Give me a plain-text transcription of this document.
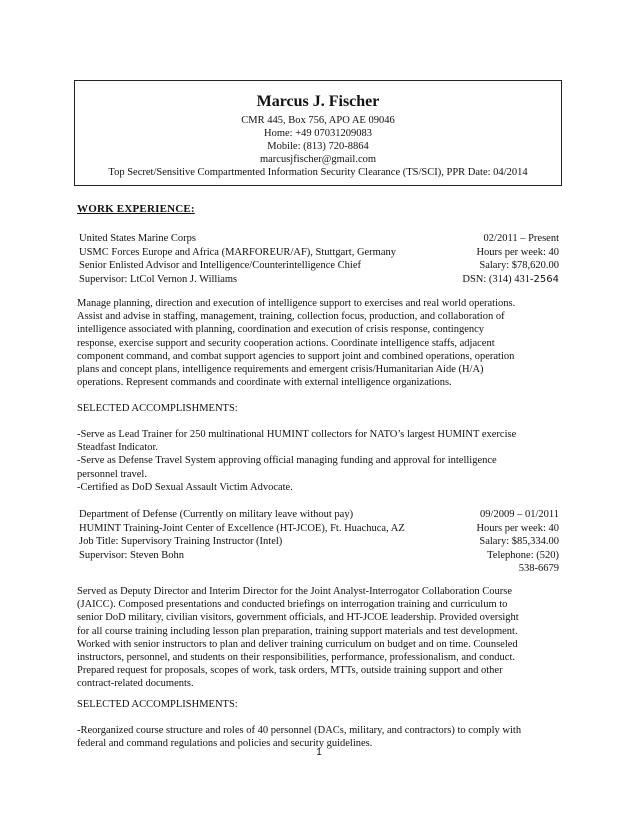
Marcus J. Fischer
CMR 445, Box 756, APO AE 09046
Home: +49 07031209083
Mobile: (813) 720-8864
marcusjfischer@gmail.com
Top Secret/Sensitive Compartmented Information Security Clearance (TS/SCI), PPR Date: 04/2014
WORK EXPERIENCE:
United States Marine Corps
USMC Forces Europe and Africa (MARFOREUR/AF), Stuttgart, Germany
Senior Enlisted Advisor and Intelligence/Counterintelligence Chief
Supervisor: LtCol Vernon J. Williams
02/2011 – Present
Hours per week: 40
Salary: $78,620.00
DSN: (314) 431-2564

Manage planning, direction and execution of intelligence support to exercises and real world operations.

Assist and advise in staffing, management, training, collection focus, production, and collaboration of

intelligence associated with planning, coordination and execution of crisis response, contingency

response, exercise support and security cooperation actions. Coordinate intelligence staffs, adjacent

component command, and combat support agencies to support joint and combined operations, operation

plans and concept plans, intelligence requirements and emergent crisis/Humanitarian Aide (H/A)

operations. Represent commands and coordinate with external intelligence organizations.

SELECTED ACCOMPLISHMENTS:

-Serve as Lead Trainer for 250 multinational HUMINT collectors for NATO’s largest HUMINT exercise

Steadfast Indicator.

-Serve as Defense Travel System approving official managing funding and approval for intelligence

personnel travel.

-Certified as DoD Sexual Assault Victim Advocate.

Department of Defense (Currently on military leave without pay)
HUMINT Training-Joint Center of Excellence (HT-JCOE), Ft. Huachuca, AZ
Job Title: Supervisory Training Instructor (Intel)
Supervisor: Steven Bohn
09/2009 – 01/2011
Hours per week: 40
Salary: $85,334.00
Telephone: (520)
538-6679

Served as Deputy Director and Interim Director for the Joint Analyst-Interrogator Collaboration Course

(JAICC). Composed presentations and conducted briefings on interrogation training and curriculum to

senior DoD military, civilian visitors, government officials, and HT-JCOE leadership. Provided oversight

for all course training including lesson plan preparation, training support materials and test development.

Worked with senior instructors to plan and deliver training curriculum on budget and on time. Counseled

instructors, personnel, and students on their responsibilities, performance, professionalism, and conduct.

Prepared request for proposals, scopes of work, task orders, MTTs, outside training support and other

contract-related documents.

SELECTED ACCOMPLISHMENTS:

-Reorganized course structure and roles of 40 personnel (DACs, military, and contractors) to comply with

federal and command regulations and policies and security guidelines.

1
